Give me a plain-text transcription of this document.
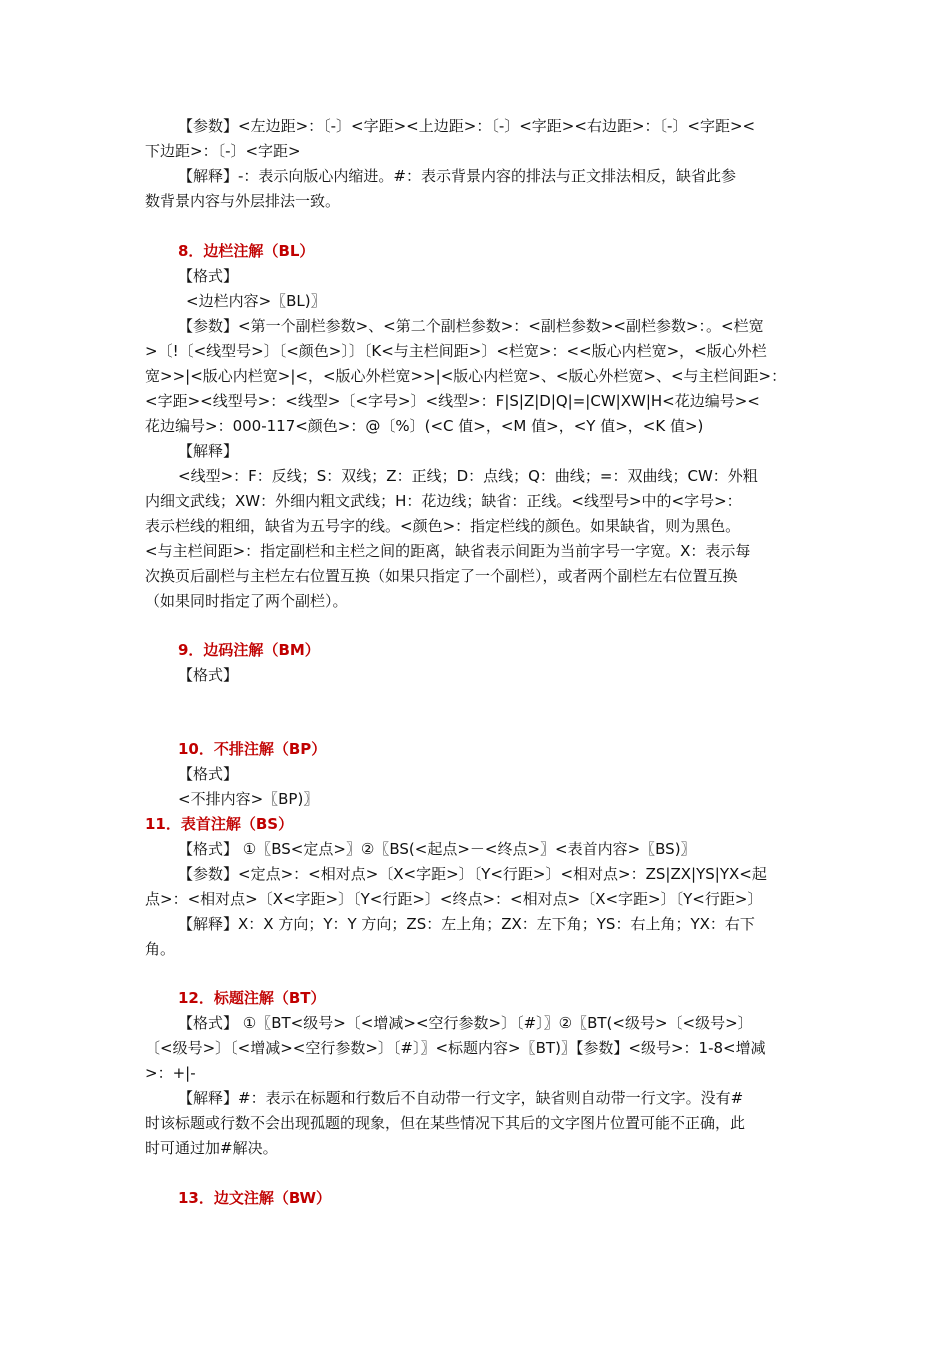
【参数】<左边距>：〔-〕<字距><上边距>：〔-〕<字距><右边距>：〔-〕<字距><
下边距>：〔-〕<字距>
【解释】-：表示向版心内缩进。#：表示背景内容的排法与正文排法相反，缺省此参
数背景内容与外层排法一致。
8．边栏注解（BL）
【格式】
<边栏内容>〖BL)〗
【参数】<第一个副栏参数>、<第二个副栏参数>：<副栏参数><副栏参数>：。<栏宽
>〔!〔<线型号>〕〔<颜色>〕〕〔K<与主栏间距>〕<栏宽>：<<版心内栏宽>，<版心外栏
宽>>|<版心内栏宽>|<，<版心外栏宽>>|<版心内栏宽>、<版心外栏宽>、<与主栏间距>：
<字距><线型号>：<线型>〔<字号>〕<线型>：F|S|Z|D|Q|=|CW|XW|H<花边编号><
花边编号>：000-117<颜色>：@〔%〕(<C 值>，<M 值>，<Y 值>，<K 值>)
【解释】
<线型>：F：反线；S：双线；Z：正线；D：点线；Q：曲线；=：双曲线；CW：外粗
内细文武线；XW：外细内粗文武线；H：花边线；缺省：正线。<线型号>中的<字号>：
表示栏线的粗细，缺省为五号字的线。<颜色>：指定栏线的颜色。如果缺省，则为黑色。
<与主栏间距>：指定副栏和主栏之间的距离，缺省表示间距为当前字号一字宽。X：表示每
次换页后副栏与主栏左右位置互换（如果只指定了一个副栏），或者两个副栏左右位置互换
（如果同时指定了两个副栏）。
9．边码注解（BM）
【格式】
10．不排注解（BP）
【格式】
<不排内容>〖BP)〗
11．表首注解（BS）
【格式】 ①〖BS<定点>〗②〖BS(<起点>－<终点>〗<表首内容>〖BS)〗
【参数】<定点>：<相对点>〔X<字距>〕〔Y<行距>〕<相对点>：ZS|ZX|YS|YX<起
点>：<相对点>〔X<字距>〕〔Y<行距>〕<终点>：<相对点>〔X<字距>〕〔Y<行距>〕
【解释】X：X 方向；Y：Y 方向；ZS：左上角；ZX：左下角；YS：右上角；YX：右下
角。
12．标题注解（BT）
【格式】 ①〖BT<级号>〔<增减><空行参数>〕〔#〕〗②〖BT(<级号>〔<级号>〕
〔<级号>〕〔<增减><空行参数>〕〔#〕〗<标题内容>〖BT)〗【参数】<级号>：1-8<增减
>：+|-
【解释】#：表示在标题和行数后不自动带一行文字，缺省则自动带一行文字。没有#
时该标题或行数不会出现孤题的现象，但在某些情况下其后的文字图片位置可能不正确，此
时可通过加#解决。
13．边文注解（BW）
